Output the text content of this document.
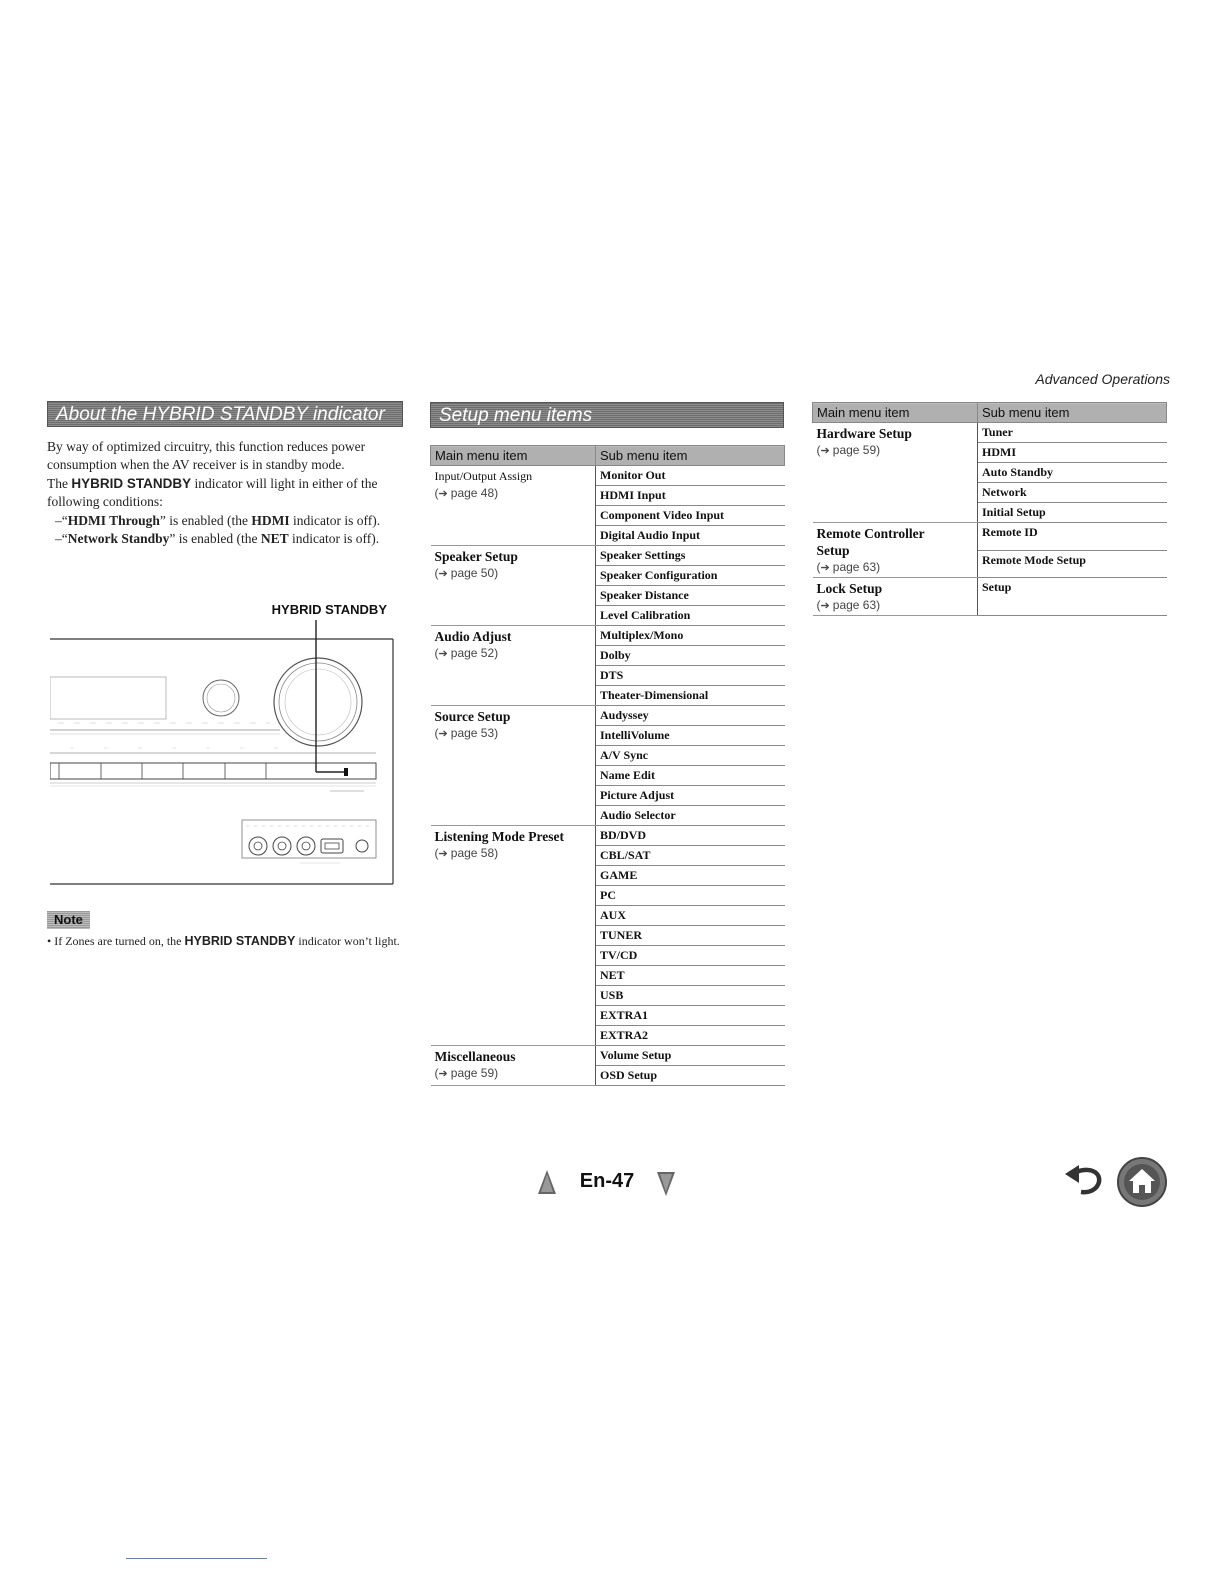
Advanced Operations
About the HYBRID STANDBY indicator
By way of optimized circuitry, this function reduces power consumption when the AV receiver is in standby mode.
The HYBRID STANDBY indicator will light in either of the following conditions:
–“HDMI Through” is enabled (the HDMI indicator is off).
–“Network Standby” is enabled (the NET indicator is off).
HYBRID STANDBY
Note
• If Zones are turned on, the HYBRID STANDBY indicator won’t light.
Setup menu items
Main menu item	Sub menu item

Input/Output Assign
(➔ page 48)	Monitor Out
	HDMI Input
	Component Video Input
	Digital Audio Input

Speaker Setup
(➔ page 50)	Speaker Settings
	Speaker Configuration
	Speaker Distance
	Level Calibration

Audio Adjust
(➔ page 52)	Multiplex/Mono
	Dolby
	DTS
	Theater-Dimensional

Source Setup
(➔ page 53)	Audyssey
	IntelliVolume
	A/V Sync
	Name Edit
	Picture Adjust
	Audio Selector

Listening Mode Preset
(➔ page 58)	BD/DVD
	CBL/SAT
	GAME
	PC
	AUX
	TUNER
	TV/CD
	NET
	USB
	EXTRA1
	EXTRA2

Miscellaneous
(➔ page 59)	Volume Setup
	OSD Setup
Main menu item	Sub menu item

Hardware Setup
(➔ page 59)	Tuner
	HDMI
	Auto Standby
	Network
	Initial Setup

Remote Controller
Setup
(➔ page 63)	Remote ID
	Remote Mode Setup

Lock Setup
(➔ page 63)	Setup
En-47
